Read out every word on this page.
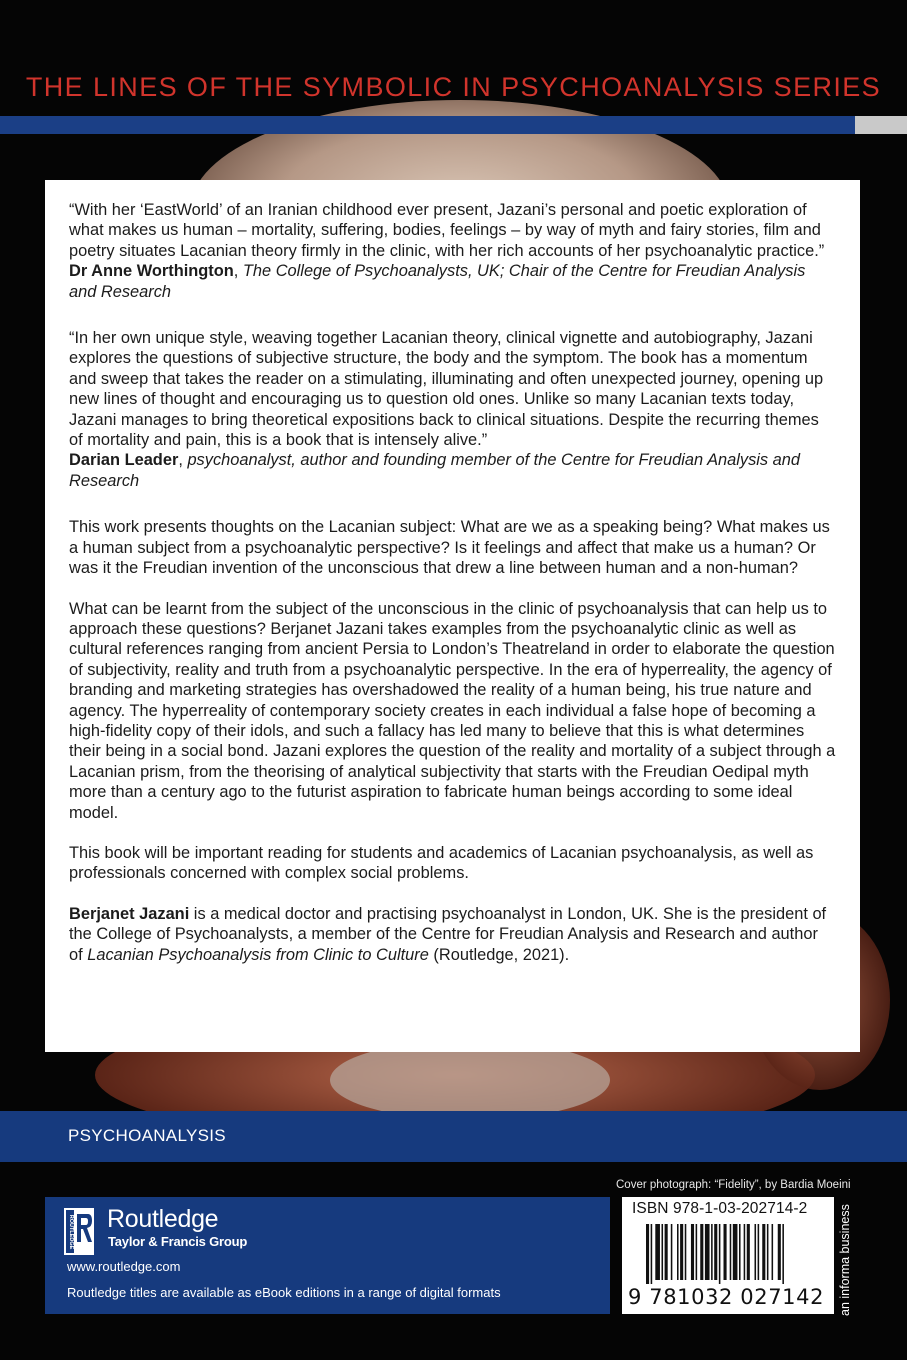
THE LINES OF THE SYMBOLIC IN PSYCHOANALYSIS SERIES

“With her ‘EastWorld’ of an Iranian childhood ever present, Jazani’s personal and poetic exploration of what makes us human – mortality, suffering, bodies, feelings – by way of myth and fairy stories, film and poetry situates Lacanian theory firmly in the clinic, with her rich accounts of her psychoanalytic practice.”

Dr Anne Worthington, The College of Psychoanalysts, UK; Chair of the Centre for Freudian Analysis and Research

“In her own unique style, weaving together Lacanian theory, clinical vignette and autobiography, Jazani explores the questions of subjective structure, the body and the symptom. The book has a momentum and sweep that takes the reader on a stimulating, illuminating and often unexpected journey, opening up new lines of thought and encouraging us to question old ones. Unlike so many Lacanian texts today, Jazani manages to bring theoretical expositions back to clinical situations. Despite the recurring themes of mortality and pain, this is a book that is intensely alive.”

Darian Leader, psychoanalyst, author and founding member of the Centre for Freudian Analysis and Research

This work presents thoughts on the Lacanian subject: What are we as a speaking being? What makes us a human subject from a psychoanalytic perspective? Is it feelings and affect that make us a human? Or was it the Freudian invention of the unconscious that drew a line between human and a non-human?

What can be learnt from the subject of the unconscious in the clinic of psychoanalysis that can help us to approach these questions? Berjanet Jazani takes examples from the psychoanalytic clinic as well as cultural references ranging from ancient Persia to London’s Theatreland in order to elaborate the question of subjectivity, reality and truth from a psychoanalytic perspective. In the era of hyperreality, the agency of branding and marketing strategies has overshadowed the reality of a human being, his true nature and agency. The hyperreality of contemporary society creates in each individual a false hope of becoming a high-fidelity copy of their idols, and such a fallacy has led many to believe that this is what determines their being in a social bond. Jazani explores the question of the reality and mortality of a subject through a Lacanian prism, from the theorising of analytical subjectivity that starts with the Freudian Oedipal myth more than a century ago to the futurist aspiration to fabricate human beings according to some ideal model.

This book will be important reading for students and academics of Lacanian psychoanalysis, as well as professionals concerned with complex social problems.

Berjanet Jazani is a medical doctor and practising psychoanalyst in London, UK. She is the president of the College of Psychoanalysts, a member of the Centre for Freudian Analysis and Research and author of Lacanian Psychoanalysis from Clinic to Culture (Routledge, 2021).

PSYCHOANALYSIS
ROUTLEDGE Routledge
Taylor & Francis Group
www.routledge.com
Routledge titles are available as eBook editions in a range of digital formats
Cover photograph: “Fidelity”, by Bardia Moeini
ISBN 978-1-03-202714-2
9 781032 027142 an informa business
